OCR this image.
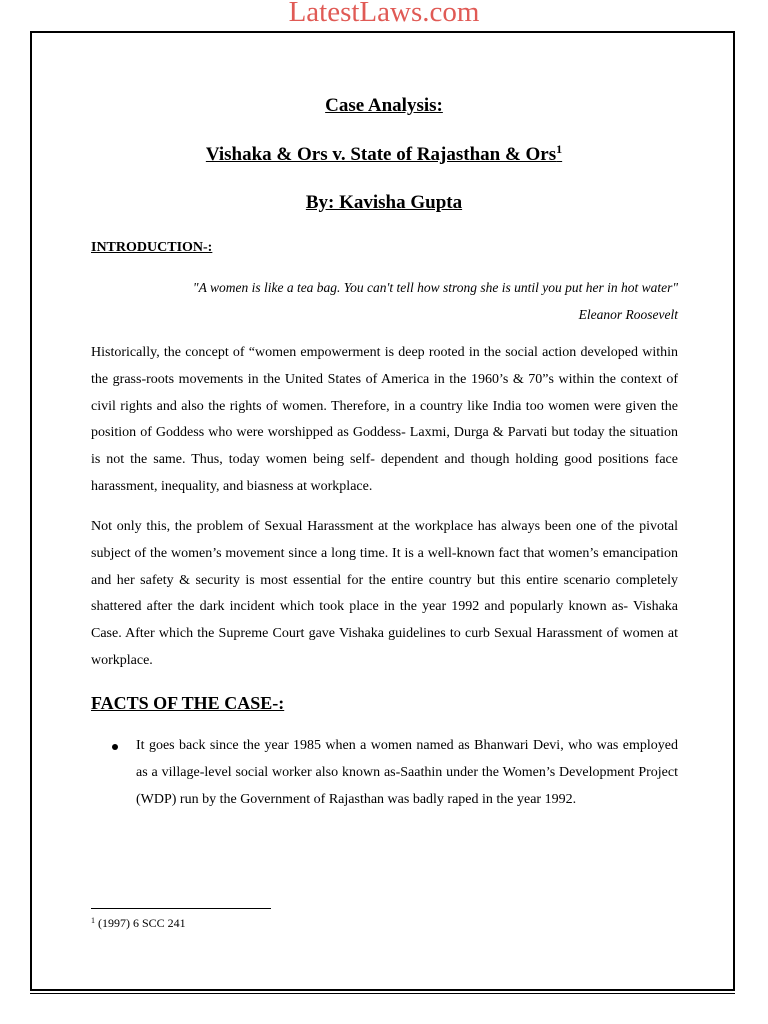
LatestLaws.com
Case Analysis:
Vishaka & Ors v. State of Rajasthan & Ors$^1$
By: Kavisha Gupta
INTRODUCTION-:
"A women is like a tea bag. You can't tell how strong she is until you put her in hot water"
Eleanor Roosevelt

Historically, the concept of “women empowerment is deep rooted in the social action developed within the grass-roots movements in the United States of America in the 1960’s & 70”s within the context of civil rights and also the rights of women. Therefore, in a country like India too women were given the position of Goddess who were worshipped as Goddess- Laxmi, Durga & Parvati but today the situation is not the same. Thus, today women being self- dependent and though holding good positions face harassment, inequality, and biasness at workplace.

Not only this, the problem of Sexual Harassment at the workplace has always been one of the pivotal subject of the women’s movement since a long time. It is a well-known fact that women’s emancipation and her safety & security is most essential for the entire country but this entire scenario completely shattered after the dark incident which took place in the year 1992 and popularly known as- Vishaka Case. After which the Supreme Court gave Vishaka guidelines to curb Sexual Harassment of women at workplace.

FACTS OF THE CASE-:
It goes back since the year 1985 when a women named as Bhanwari Devi, who was employed as a village-level social worker also known as-Saathin under the Women’s Development Project (WDP) run by the Government of Rajasthan was badly raped in the year 1992.
$^1$ (1997) 6 SCC 241
